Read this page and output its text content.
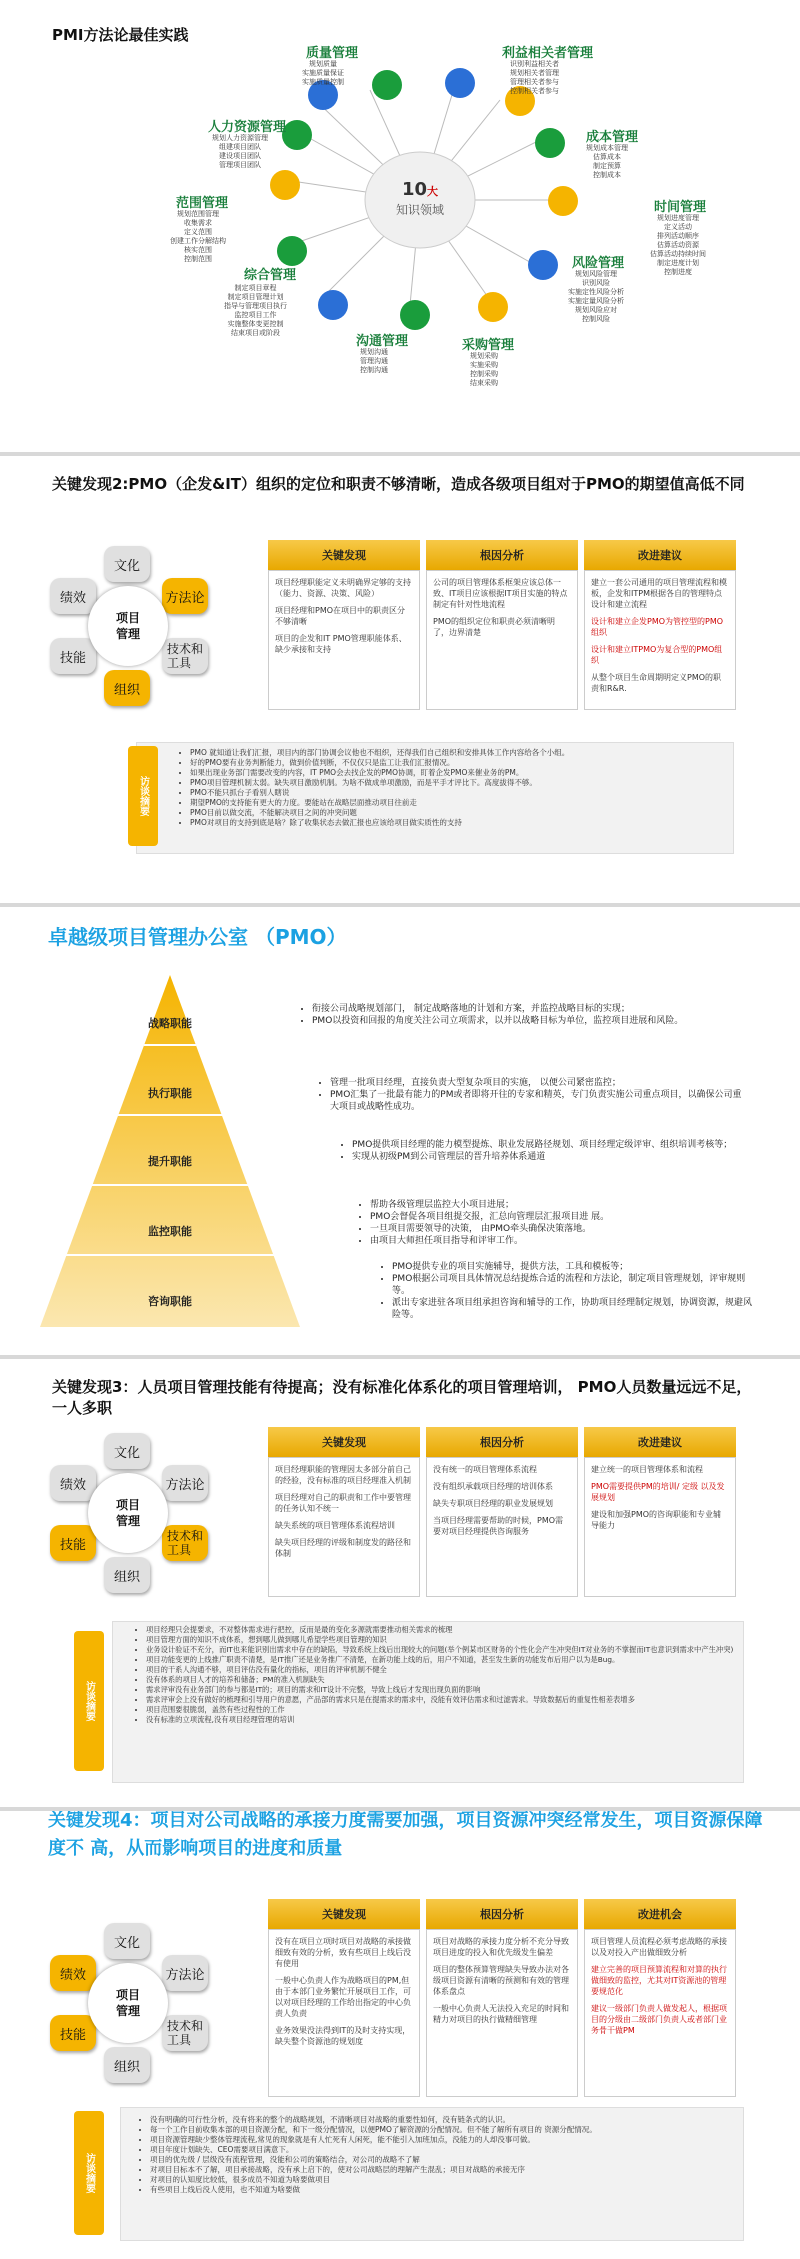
PMI方法论最佳实践
10大
知识领域
质量管理
规划质量
实施质量保证
实施质量控制
利益相关者管理
识别利益相关者
规划相关者管理
管理相关者参与
控制相关者参与
成本管理
规划成本管理
估算成本
制定预算
控制成本
时间管理
规划进度管理
定义活动
排列活动顺序
估算活动资源
估算活动持续时间
制定进度计划
控制进度
风险管理
规划风险管理
识别风险
实施定性风险分析
实施定量风险分析
规划风险应对
控制风险
采购管理
规划采购
实施采购
控制采购
结束采购
沟通管理
规划沟通
管理沟通
控制沟通
综合管理
制定项目章程
制定项目管理计划
指导与管理项目执行
监控项目工作
实施整体变更控制
结束项目或阶段
范围管理
规划范围管理
收集需求
定义范围
创建工作分解结构
核实范围
控制范围
人力资源管理
规划人力资源管理
组建项目团队
建设项目团队
管理项目团队
关键发现2:PMO（企发&IT）组织的定位和职责不够清晰，造成各级项目组对于PMO的期望值高低不同
文化
绩效	方法论
技能
技术和
工具
组织
项目
管理
关键发现

项目经理职能定义未明确界定够的支持（能力、资源、决策、风险）

项目经理和PMO在项目中的职责区分不够清晰

项目的企发和IT PMO管理职能体系、缺少承接和支持

根因分析

公司的项目管理体系框架应该总体一致、IT项目应该根据IT项目实施的特点制定有针对性地流程

PMO的组织定位和职责必须清晰明了，边界清楚

改进建议

建立一套公司通用的项目管理流程和模板，企发和ITPM根据各自的管理特点设计和建立流程

设计和建立企发PMO为管控型的PMO组织

设计和建立ITPMO为复合型的PMO组织

从整个项目生命周期明定义PMO的职责和R&R.

访谈摘要
• PMO 就知道让我们汇报，项目内的部门协调会议他也不组织，还得我们自己组织和安排具体工作内容给各个小组。
• 好的PMO要有业务判断能力，做到价值判断，不仅仅只是监工让我们汇报情况。
• 如果出现业务部门需要改变的内容，IT PMO会去找企发的PMO协调，盯着企发PMO来催业务的PM。
• PMO项目管理机制太弱。缺失项目激励机制。为啥不做成单项激励，而是平手才评比下。高度拔得不够。
• PMO不能只抓台子看别人瞎说
• 期望PMO的支持能有更大的力度。要能站在战略层面推动项目往前走
• PMO目前以做交流，不能解决项目之间的冲突问题
• PMO对项目的支持到底是啥？除了收集状态去做汇报也应该给项目做实质性的支持
卓越级项目管理办公室 （PMO）
战略职能
执行职能
提升职能
监控职能
咨询职能
• 衔接公司战略规划部门， 制定战略落地的计划和方案，并监控战略目标的实现；
• PMO以投资和回报的角度关注公司立项需求，以并以战略目标为单位，监控项目进展和风险。
• 管理一批项目经理，直接负责大型复杂项目的实施， 以便公司紧密监控；
• PMO汇集了一批最有能力的PM或者即将开往的专家和精英，专门负责实施公司重点项目，以确保公司重大项目或战略性成功。
• PMO提供项目经理的能力模型提炼、职业发展路径规划、项目经理定级评审、组织培训考核等；
• 实现从初级PM到公司管理层的晋升培养体系通道
• 帮助各级管理层监控大小项目进展；
• PMO会督促各项目组提交报，汇总向管理层汇报项目进 展。
• 一旦项目需要领导的决策， 由PMO牵头确保决策落地。
• 由项目大师担任项目指导和评审工作。
• PMO提供专业的项目实施辅导，提供方法，工具和模板等；
• PMO根据公司项目具体情况总结提炼合适的流程和方法论，制定项目管理规划，评审规则等。
• 派出专家进驻各项目组承担咨询和辅导的工作，协助项目经理制定规划，协调资源，规避风险等。
关键发现3：人员项目管理技能有待提高；没有标准化体系化的项目管理培训， PMO人员数量远远不足， 一人多职
文化
绩效	方法论
技能
技术和
工具
组织
项目
管理
关键发现

项目经理职能的管理因太多部分前自己的经验，没有标准的项目经理准入机制

项目经理对自己的职责和工作中要管理的任务认知不统一

缺失系统的项目管理体系流程培训

缺失项目经理的评级和制度发的路径和体制

根因分析

没有统一的项目管理体系流程

没有组织承载项目经理的培训体系

缺失专职项目经理的职业发展规划

当项目经理需要帮助的时候，PMO需要对项目经理提供咨询服务

改进建议

建立统一的项目管理体系和流程

PMO需要提供PM的培训/ 定级 以及发展规划

建设和加强PMO的咨询职能和专业辅导能力

访谈摘要
• 项目经理只会提要求，不对整体需求进行把控，反而是最的变化多源就需要推动相关需求的梳理
• 项目管理方面的知识不成体系，想到哪儿做到哪儿希望学些项目管理的知识
• 业务设计验证不充分，而IT也来能识别出需求中存在的缺陷，导致系统上线后出现较大的问题(举个例某市区财务的个性化会产生冲突但IT对业务的不掌握而IT也意识到需求中产生冲突)
• 项目功能变更的上线推广职责不清楚，是IT推广还是业务推广不清楚，在新功能上线的后，用户不知道，甚至发生新的功能发布后用户以为是Bug。
• 项目的干系人沟通不够，项目评估没有量化的指标，项目的评审机制不健全
• 没有体系的项目人才的培养和储备；PM的准入机制缺失
• 需求评审没有业务部门的参与都是IT的；项目的需求和IT设计不完整，导致上线后才发现出现负面的影响
• 需求评审会上没有做好的梳理和引导用户的意愿，产品部的需求只是在提需求的需求中，没能有效评估需求和过滤需求。导致数据后的重复性相差表增多
• 项目范围要很脆弱，盖然有些过程性的工作
• 没有标准的立项流程,没有项目经理管理的培训
关键发现4：项目对公司战略的承接力度需要加强，项目资源冲突经常发生，项目资源保障度不 高，从而影响项目的进度和质量
文化
绩效	方法论
技能
技术和
工具
组织
项目
管理
关键发现

没有在项目立项时项目对战略的承接做细致有效的分析，致有些项目上线后没有使用

一般中心负责人作为战略项目的PM,但由于本部门业务繁忙开展项目工作，可以对项目经理的工作给出指定的中心负责人负责

业务效果没法得到IT的及时支持实现，缺失整个资源池的规划度

根因分析

项目对战略的承接力度分析不充分导致项目进度的投入和优先级发生偏差

项目的整体预算管理缺失导致办法对各级项目资源有清晰的预测和有效的管理体系盘点

一般中心负责人无法投入充足的时间和精力对项目的执行做精细管理

改进机会

项目管理人员流程必须考虑战略的承接以及对投入产出做细致分析

建立完善的项目预算流程和对算的执行做细致的监控，尤其对IT资源池的管理要规范化

建议一级部门负责人做发起人，根据项目的分级由二级部门负责人或者部门业务骨干做PM

访谈摘要
• 没有明确的可行性分析，没有将来的整个的战略规划，不清晰项目对战略的重要性如何，没有链条式的认识。
• 每一个工作目前收集本部的项目资源分配，和下一级分配情况，以便PMO了解资源的分配情况。但不能了解所有项目的 资源分配情况。
• 项目资源管理缺少整体管理流程,常见的现象就是有人忙死有人闲死，能不能引入加班加点，没能力的人却没事可做。
• 项目年度计划缺失、CEO需要项目满意下。
• 项目的优先级 / 层级没有流程管理，没能和公司的策略结合，对公司的战略不了解
• 对项目目标本不了解，项目承接战略，没有承上启下的，使对公司战略层的理解产生混乱；项目对战略的承接无序
• 对项目的认知度比较低，很多成员不知道为啥要做项目
• 有些项目上线后没人使用，也不知道为啥要做
